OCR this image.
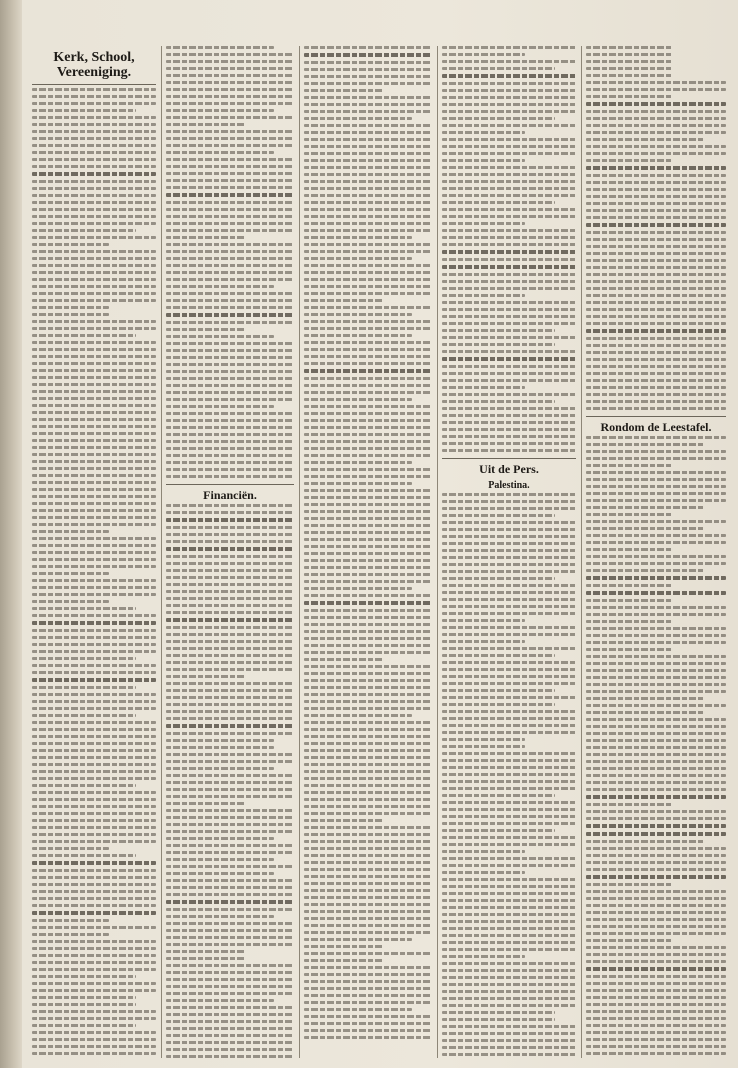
Kerk, School, Vereeniging.
Financiën.
Uit de Pers.
Palestina.
Rondom de Leestafel.
